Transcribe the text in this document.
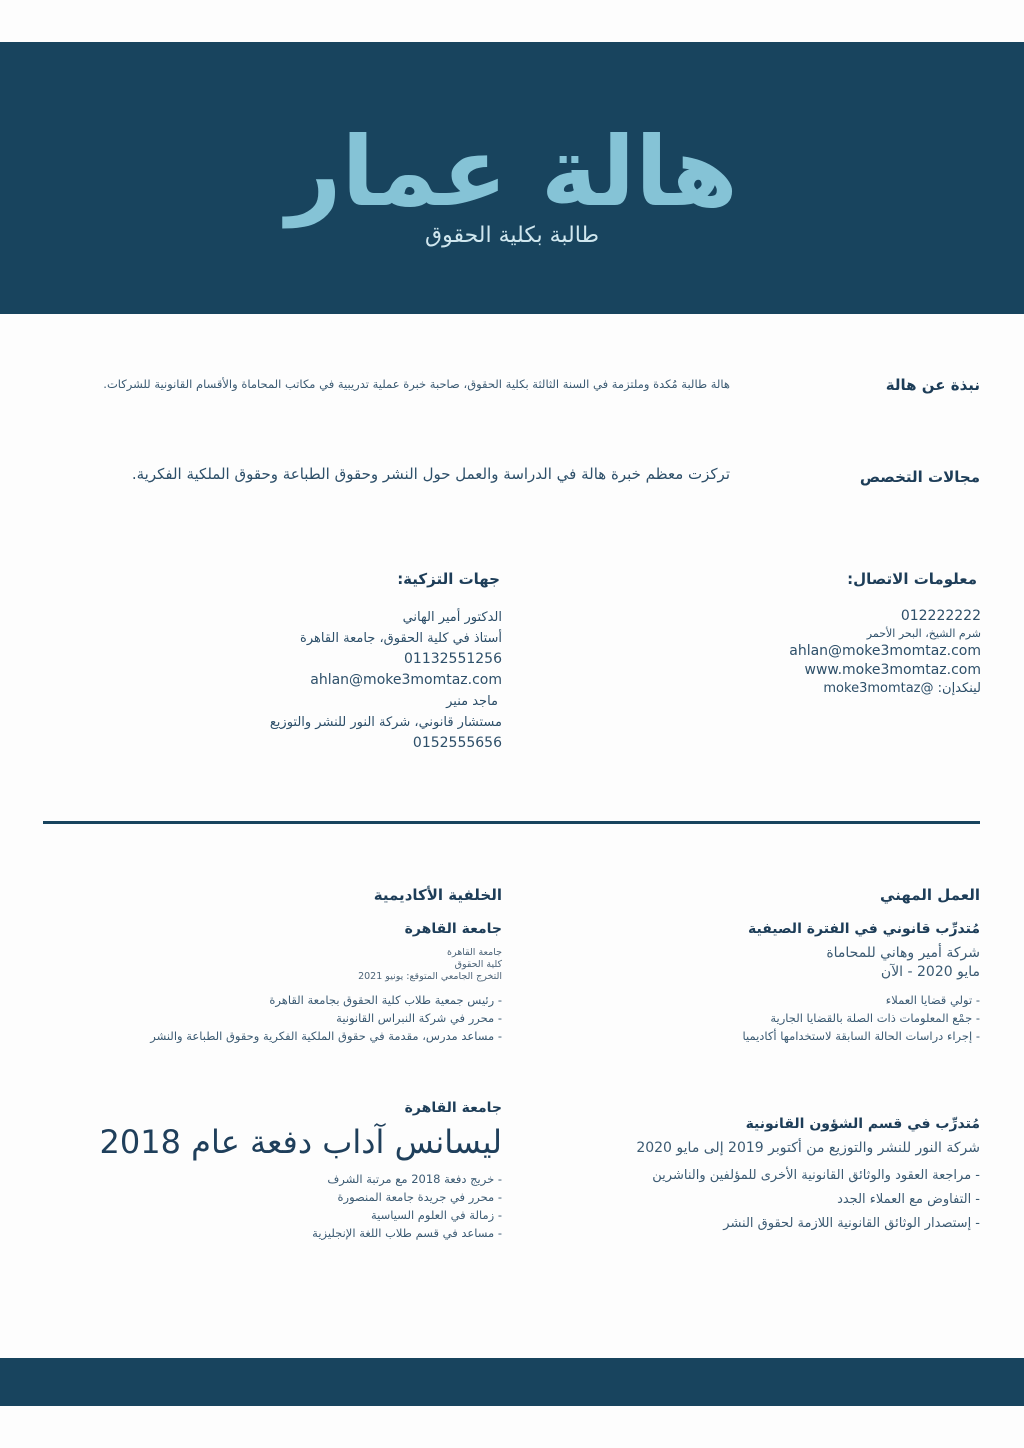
هالة عمار
طالبة بكلية الحقوق
نبذة عن هالة
هالة طالبة مُكدة وملتزمة في السنة الثالثة بكلية الحقوق، صاحبة خبرة عملية تدريبية في مكاتب المحاماة والأقسام القانونية للشركات.
مجالات التخصص
تركزت معظم خبرة هالة في الدراسة والعمل حول النشر وحقوق الطباعة وحقوق الملكية الفكرية.
معلومات الاتصال:
012222222
شرم الشيخ، البحر الأحمر
ahlan@moke3momtaz.com
www.moke3momtaz.com
لينكدإن: @moke3momtaz
جهات التزكية:
الدكتور أمير الهاني
أستاذ في كلية الحقوق، جامعة القاهرة
01132551256
ahlan@moke3momtaz.com
ماجد منير
مستشار قانوني، شركة النور للنشر والتوزيع
0152555656
العمل المهني
مُتدرِّب قانوني في الفترة الصيفية
شركة أمير وهاني للمحاماة
مايو 2020 - الآن
- تولي قضايا العملاء
- جمْع المعلومات ذات الصلة بالقضايا الجارية
- إجراء دراسات الحالة السابقة لاستخدامها أكاديميا
مُتدرِّب في قسم الشؤون القانونية
شركة النور للنشر والتوزيع من أكتوبر 2019 إلى مايو 2020
- مراجعة العقود والوثائق القانونية الأخرى للمؤلفين والناشرين
- التفاوض مع العملاء الجدد
- إستصدار الوثائق القانونية اللازمة لحقوق النشر
الخلفية الأكاديمية
جامعة القاهرة
جامعة القاهرة
كلية الحقوق
التخرج الجامعي المتوقع: يونيو 2021
- رئيس جمعية طلاب كلية الحقوق بجامعة القاهرة
- محرر في شركة النبراس القانونية
- مساعد مدرس، مقدمة في حقوق الملكية الفكرية وحقوق الطباعة والنشر
جامعة القاهرة
ليسانس آداب دفعة عام 2018
- خريج دفعة 2018 مع مرتبة الشرف
- محرر في جريدة جامعة المنصورة
- زمالة في العلوم السياسية
- مساعد في قسم طلاب اللغة الإنجليزية
